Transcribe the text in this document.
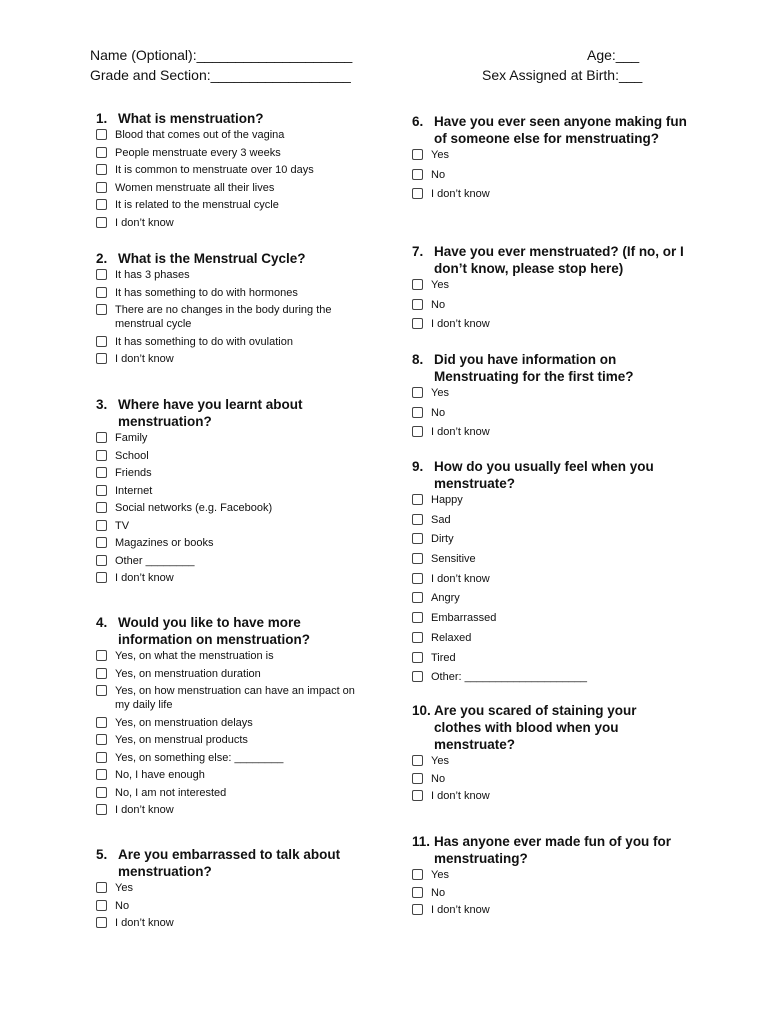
Name (Optional):____________________
Grade and Section:__________________
Age:___
Sex Assigned at Birth:___
1. What is menstruation?
Blood that comes out of the vagina
People menstruate every 3 weeks
It is common to menstruate over 10 days
Women menstruate all their lives
It is related to the menstrual cycle
I don’t know
2. What is the Menstrual Cycle?
It has 3 phases
It has something to do with hormones
There are no changes in the body during the menstrual cycle
It has something to do with ovulation
I don’t know
3. Where have you learnt about menstruation?
Family
School
Friends
Internet
Social networks (e.g. Facebook)
TV
Magazines or books
Other ________
I don’t know
4. Would you like to have more information on menstruation?
Yes, on what the menstruation is
Yes, on menstruation duration
Yes, on how menstruation can have an impact on my daily life
Yes, on menstruation delays
Yes, on menstrual products
Yes, on something else: ________
No, I have enough
No, I am not interested
I don’t know
5. Are you embarrassed to talk about menstruation?
Yes
No
I don’t know
6. Have you ever seen anyone making fun of someone else for menstruating?
Yes
No
I don’t know
7. Have you ever menstruated? (If no, or I don’t know, please stop here)
Yes
No
I don’t know
8. Did you have information on Menstruating for the first time?
Yes
No
I don’t know
9. How do you usually feel when you menstruate?
Happy
Sad
Dirty
Sensitive
I don’t know
Angry
Embarrassed
Relaxed
Tired
Other: ____________________
10. Are you scared of staining your clothes with blood when you menstruate?
Yes
No
I don’t know
11. Has anyone ever made fun of you for menstruating?
Yes
No
I don’t know
